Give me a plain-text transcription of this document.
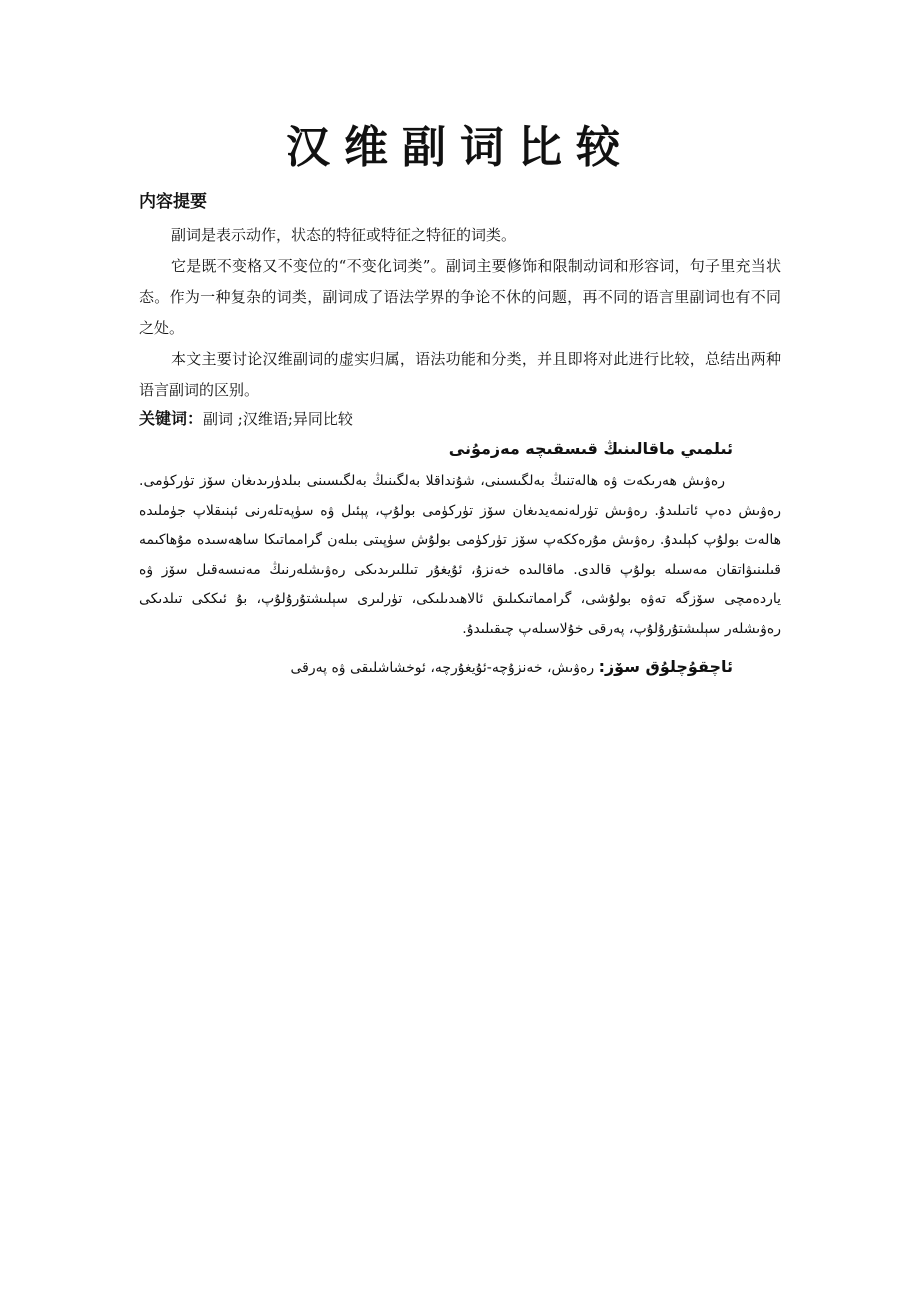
汉维副词比较
内容提要
副词是表示动作，状态的特征或特征之特征的词类。
它是既不变格又不变位的“不变化词类”。副词主要修饰和限制动词和形容词，句子里充当状态。作为一种复杂的词类，副词成了语法学界的争论不休的问题，再不同的语言里副词也有不同之处。
本文主要讨论汉维副词的虚实归属，语法功能和分类，并且即将对此进行比较，总结出两种语言副词的区别。
关键词：副词 ;汉维语;异同比较
ئىلمىي ماقالىنىڭ قىسقىچە مەزمۇنى
رەۋىش ھەرىكەت ۋە ھالەتنىڭ بەلگىسىنى، شۇنداقلا بەلگىنىڭ بەلگىسىنى بىلدۈرىدىغان سۆز تۈركۈمى. رەۋىش دەپ ئاتىلىدۇ. رەۋىش تۈرلەنمەيدىغان سۆز تۈركۈمى بولۇپ، پېئىل ۋە سۈپەتلەرنى ئېنىقلاپ جۈملىدە ھالەت بولۇپ كېلىدۇ. رەۋىش مۇرەككەپ سۆز تۈركۈمى بولۇش سۈپىتى بىلەن گرامماتىكا ساھەسىدە مۇھاكىمە قىلىنىۋاتقان مەسىلە بولۇپ قالدى. ماقالىدە خەنزۇ، ئۇيغۇر تىللىرىدىكى رەۋىشلەرنىڭ مەنىسەقىل سۆز ۋە ياردەمچى سۆزگە تەۋە بولۇشى، گرامماتىكىلىق ئالاھىدىلىكى، تۈرلىرى سېلىشتۇرۇلۇپ، بۇ ئىككى تىلدىكى رەۋىشلەر سېلىشتۇرۇلۇپ، پەرقى خۇلاسىلەپ چىقىلىدۇ.
ئاچقۇچلۇق سۆز: رەۋىش، خەنزۇچە-ئۇيغۇرچە، ئوخشاشلىقى ۋە پەرقى
